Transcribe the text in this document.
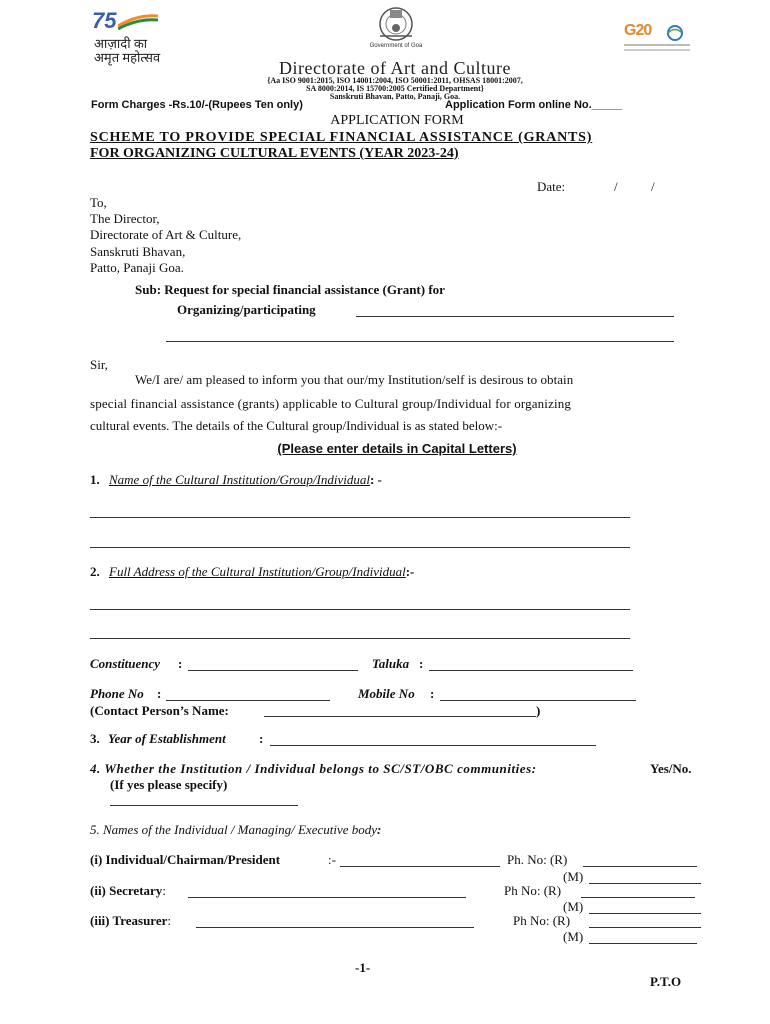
75
आज़ादी का
अमृत महोत्सव
Government of Goa
G20
Directorate of Art and Culture
{Aa ISO 9001:2015, ISO 14001:2004, ISO 50001:2011, OHSAS 18001:2007,
SA 8000:2014, IS 15700:2005 Certified Department}
Sanskruti Bhavan, Patto, Panaji, Goa.
Form Charges -Rs.10/-(Rupees Ten only)	Application Form online No._____
APPLICATION FORM
SCHEME TO PROVIDE SPECIAL FINANCIAL ASSISTANCE (GRANTS)
FOR ORGANIZING CULTURAL EVENTS (YEAR 2023-24)
Date:	/	/
To,
The Director,
Directorate of Art & Culture,
Sanskruti Bhavan,
Patto, Panaji Goa.
Sub: Request for special financial assistance (Grant) for
Organizing/participating
Sir,
We/I are/ am pleased to inform you that our/my Institution/self is desirous to obtain
special financial assistance (grants) applicable to Cultural group/Individual for organizing
cultural events. The details of the Cultural group/Individual is as stated below:-
(Please enter details in Capital Letters)
1. Name of the Cultural Institution/Group/Individual: -
2. Full Address of the Cultural Institution/Group/Individual:-
Constituency :	Taluka :
Phone No :	Mobile No :
(Contact Person’s Name:	)
3. Year of Establishment	:
4. Whether the Institution / Individual belongs to SC/ST/OBC communities:	Yes/No.
(If yes please specify)
5. Names of the Individual / Managing/ Executive body:
(i) Individual/Chairman/President	:-	Ph. No: (R)
(M)
(ii) Secretary:	Ph No: (R)
(M)
(iii) Treasurer:	Ph No: (R)
(M)
-1-
P.T.O
